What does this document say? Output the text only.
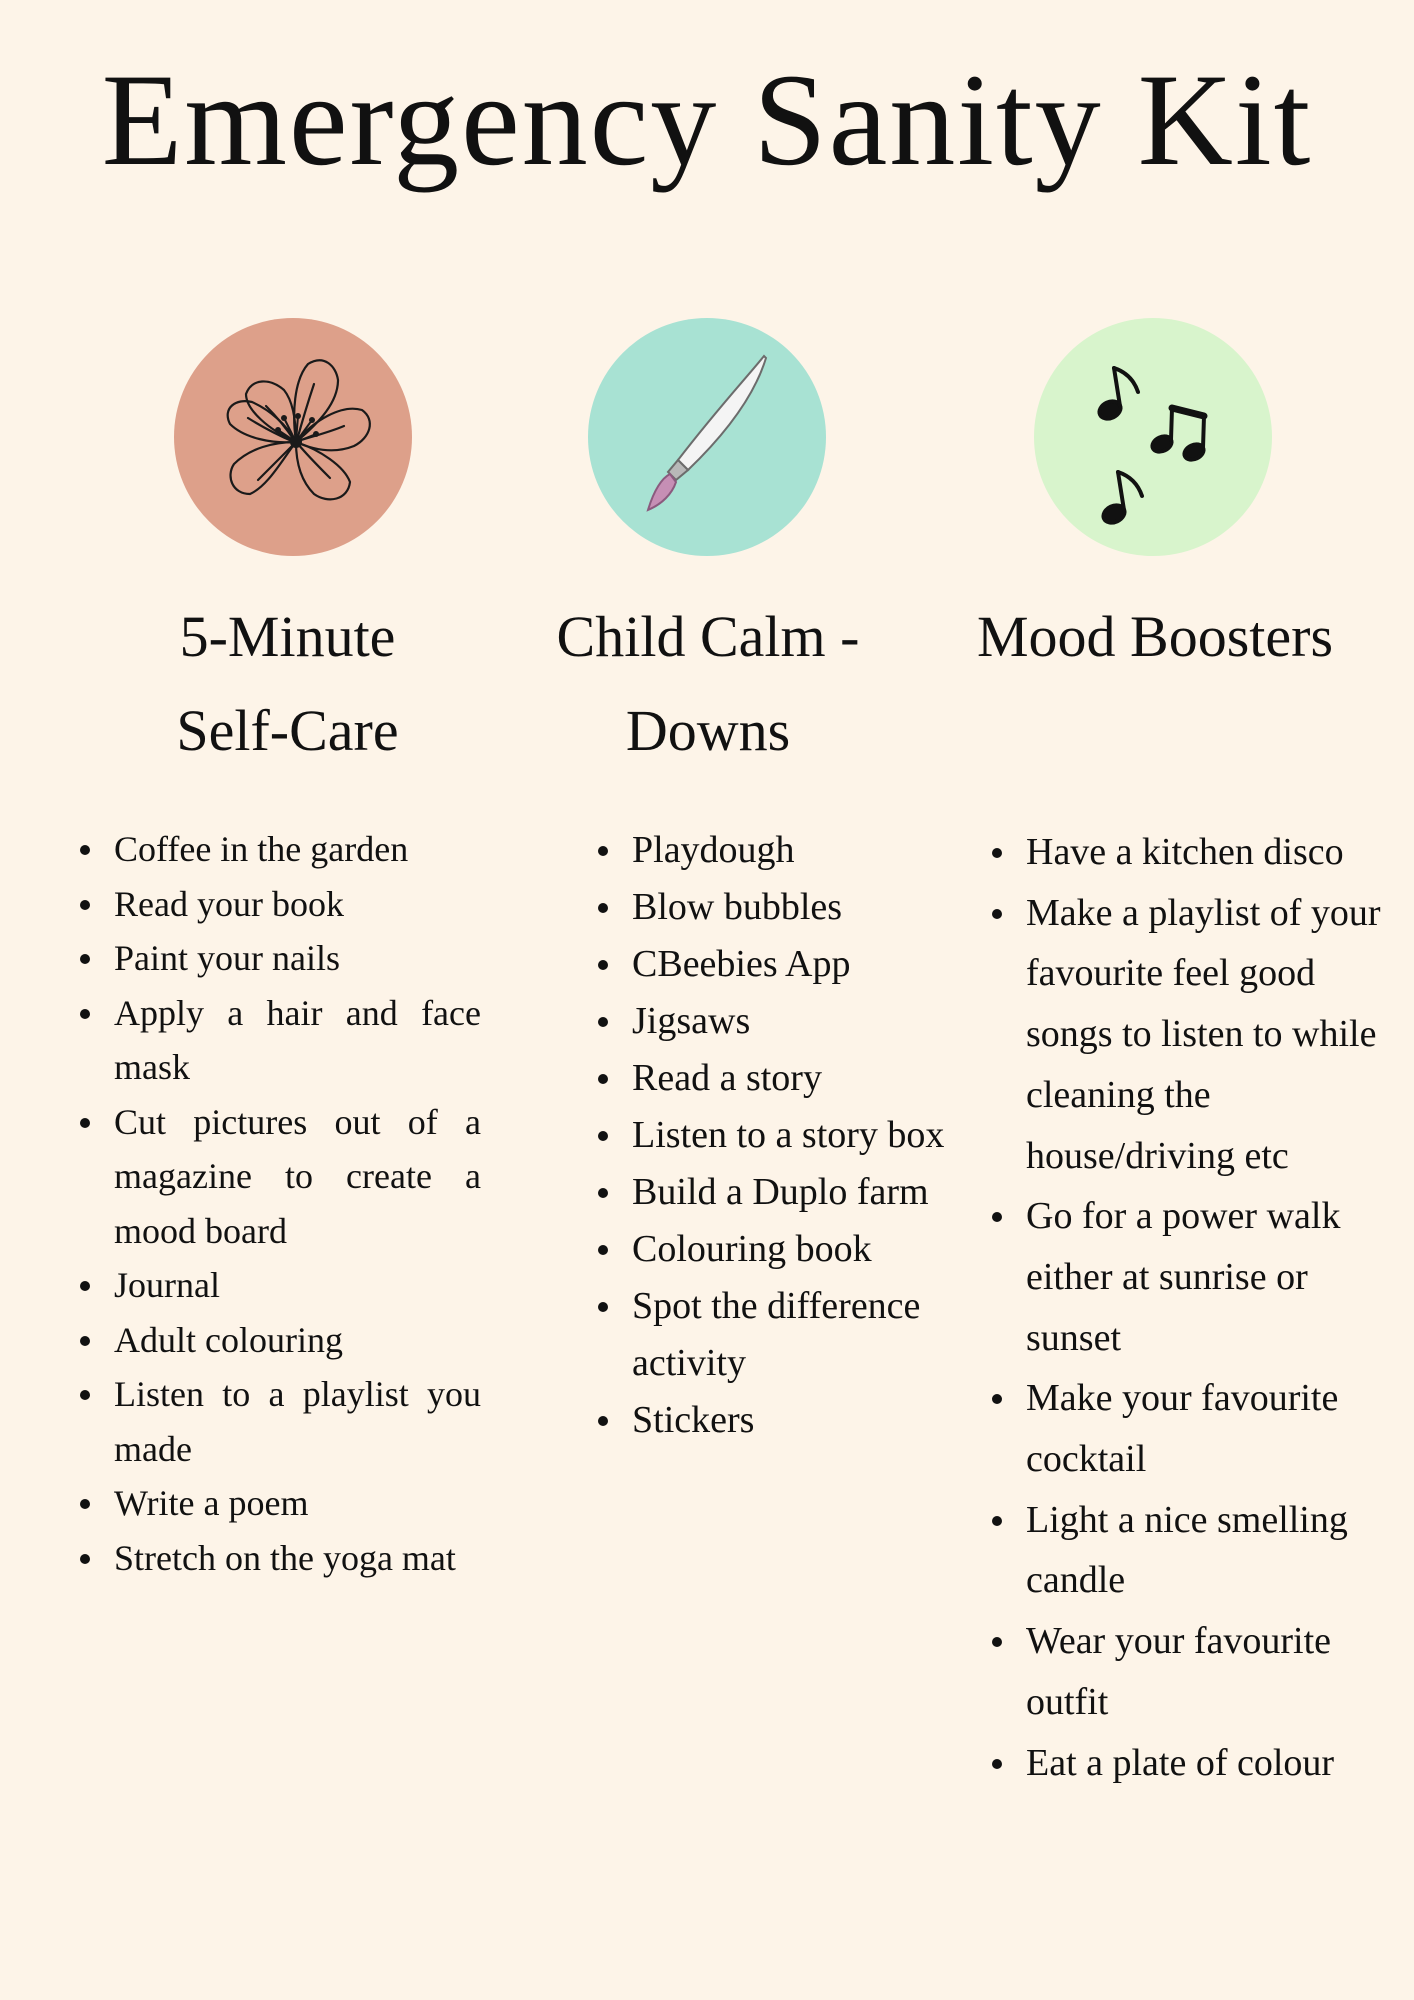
Emergency Sanity Kit
5-Minute
Self-Care
Child Calm -
Downs
Mood Boosters
Coffee in the garden
Read your book
Paint your nails
Apply a hair and face mask
Cut pictures out of a magazine to create a mood board
Journal
Adult colouring
Listen to a playlist you made
Write a poem
Stretch on the yoga mat
Playdough
Blow bubbles
CBeebies App
Jigsaws
Read a story
Listen to a story box
Build a Duplo farm
Colouring book
Spot the difference activity
Stickers
Have a kitchen disco
Make a playlist of your favourite feel good songs to listen to while cleaning the house/driving etc
Go for a power walk either at sunrise or sunset
Make your favourite cocktail
Light a nice smelling candle
Wear your favourite outfit
Eat a plate of colour
